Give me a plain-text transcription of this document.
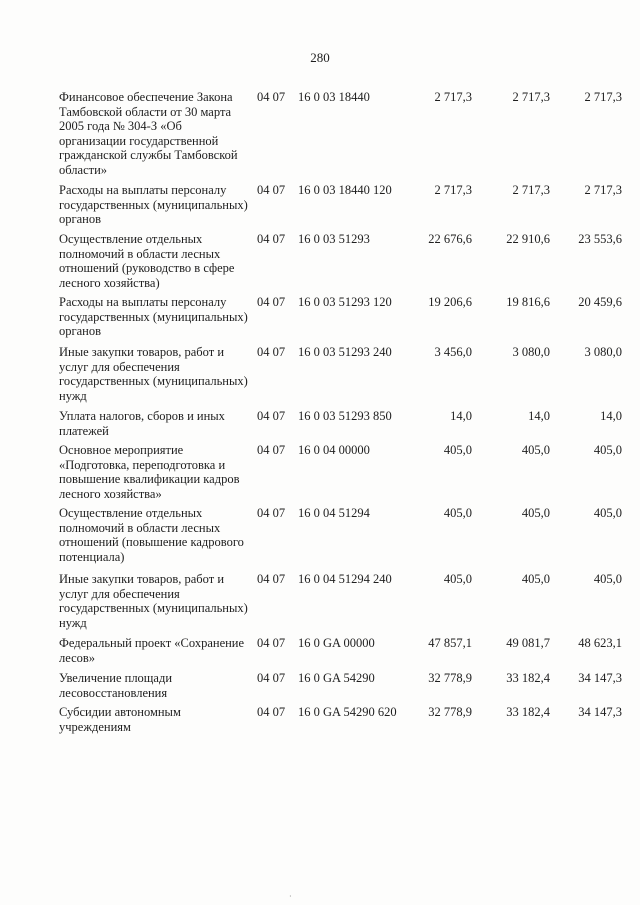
280
Финансовое обеспечение Закона Тамбовской области от 30 марта 2005 года № 304-З «Об организации государственной гражданской службы Тамбовской области»
04 07	16 0 03 18440	2 717,3	2 717,3	2 717,3
Расходы на выплаты персоналу государственных (муниципальных) органов
04 07	16 0 03 18440 120	2 717,3	2 717,3	2 717,3
Осуществление отдельных полномочий в области лесных отношений (руководство в сфере лесного хозяйства)
04 07	16 0 03 51293	22 676,6	22 910,6	23 553,6
Расходы на выплаты персоналу государственных (муниципальных) органов
04 07	16 0 03 51293 120	19 206,6	19 816,6	20 459,6
Иные закупки товаров, работ и услуг для обеспечения государственных (муниципальных) нужд
04 07	16 0 03 51293 240	3 456,0	3 080,0	3 080,0
Уплата налогов, сборов и иных платежей
04 07	16 0 03 51293 850	14,0	14,0	14,0
Основное мероприятие «Подготовка, переподготовка и повышение квалификации кадров лесного хозяйства»
04 07	16 0 04 00000	405,0	405,0	405,0
Осуществление отдельных полномочий в области лесных отношений (повышение кадрового потенциала)
04 07	16 0 04 51294	405,0	405,0	405,0
Иные закупки товаров, работ и услуг для обеспечения государственных (муниципальных) нужд
04 07	16 0 04 51294 240	405,0	405,0	405,0
Федеральный проект «Сохранение лесов»
04 07	16 0 GA 00000	47 857,1	49 081,7	48 623,1
Увеличение площади лесовосстановления
04 07	16 0 GA 54290	32 778,9	33 182,4	34 147,3
Субсидии автономным учреждениям
04 07	16 0 GA 54290 620	32 778,9	33 182,4	34 147,3
·
